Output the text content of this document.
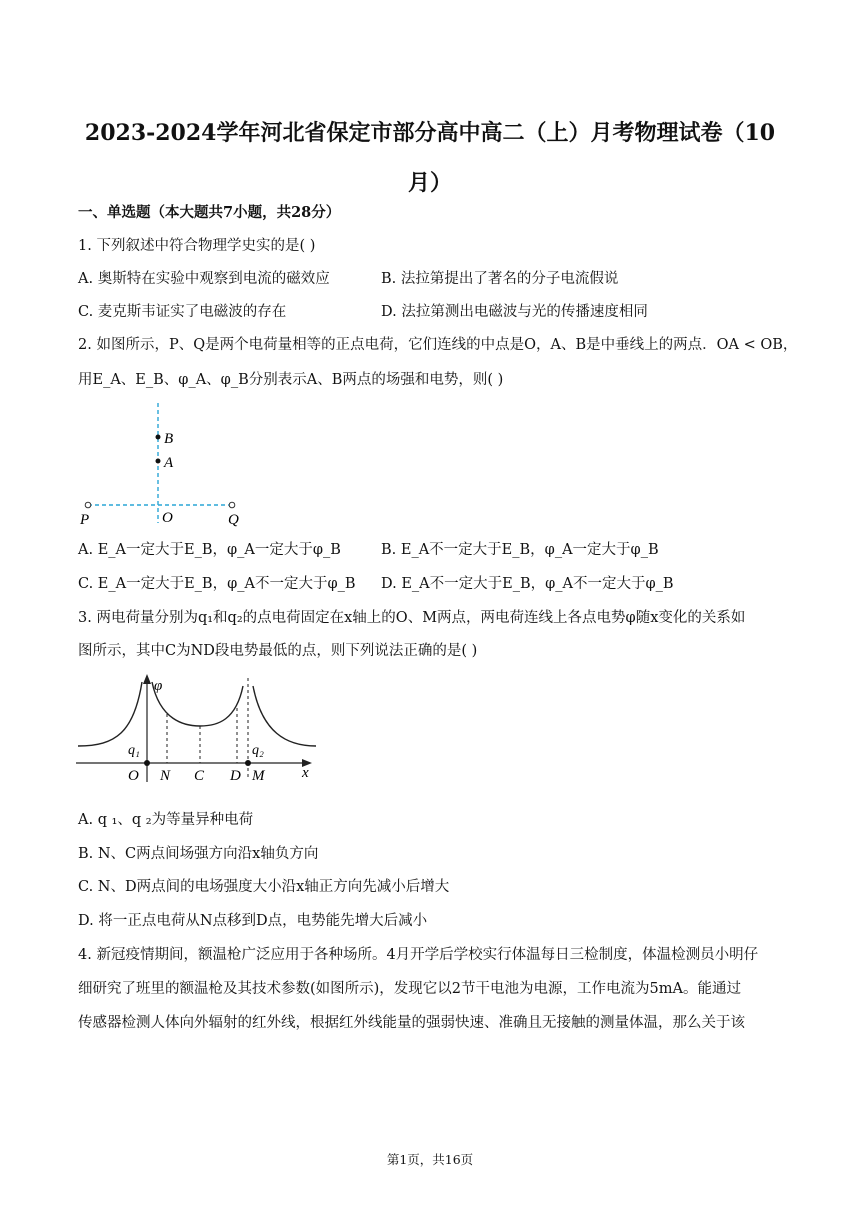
2023-2024学年河北省保定市部分高中高二（上）月考物理试卷（10
月）
一、单选题（本大题共7小题，共28分）
1. 下列叙述中符合物理学史实的是( )
A. 奥斯特在实验中观察到电流的磁效应	B. 法拉第提出了著名的分子电流假说
C. 麦克斯韦证实了电磁波的存在	D. 法拉第测出电磁波与光的传播速度相同
2. 如图所示，P、Q是两个电荷量相等的正点电荷，它们连线的中点是O，A、B是中垂线上的两点．OA < OB，
用E_A、E_B、φ_A、φ_B分别表示A、B两点的场强和电势，则( )
B
A
P	O	Q
A. E_A一定大于E_B，φ_A一定大于φ_B	B. E_A不一定大于E_B，φ_A一定大于φ_B
C. E_A一定大于E_B，φ_A不一定大于φ_B D. E_A不一定大于E_B，φ_A不一定大于φ_B
3. 两电荷量分别为q₁和q₂的点电荷固定在x轴上的O、M两点，两电荷连线上各点电势φ随x变化的关系如
图所示，其中C为ND段电势最低的点，则下列说法正确的是( )
φ
x
q₁	q₂
O N C D M
A. q ₁、q ₂为等量异种电荷
B. N、C两点间场强方向沿x轴负方向
C. N、D两点间的电场强度大小沿x轴正方向先减小后增大
D. 将一正点电荷从N点移到D点，电势能先增大后减小
4. 新冠疫情期间，额温枪广泛应用于各种场所。4月开学后学校实行体温每日三检制度，体温检测员小明仔
细研究了班里的额温枪及其技术参数(如图所示)，发现它以2节干电池为电源，工作电流为5mA。能通过
传感器检测人体向外辐射的红外线，根据红外线能量的强弱快速、准确且无接触的测量体温，那么关于该
第1页，共16页
